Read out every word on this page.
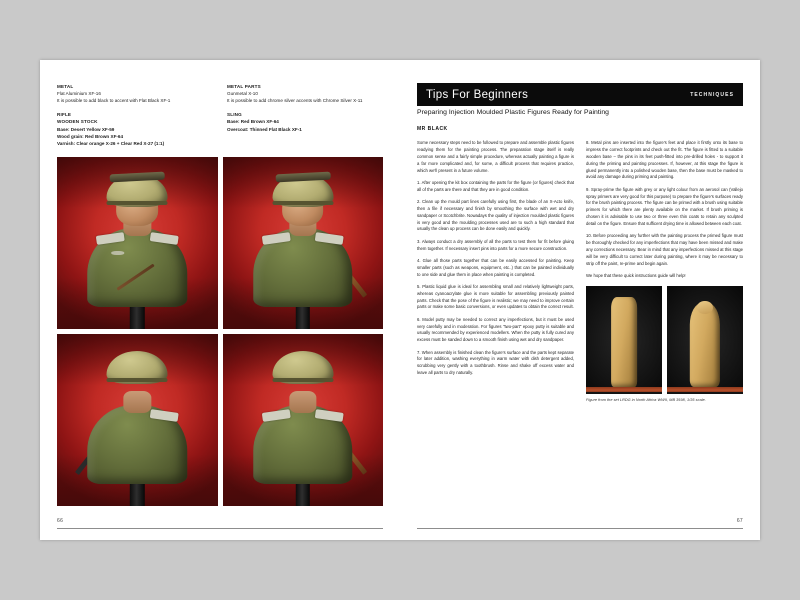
METAL
Flat Aluminium XF-16
It is possible to add black to accent with Flat Black XF-1
RIFLE
WOODEN STOCK
Base: Desert Yellow XF-59
Wood grain: Red Brown XF-64
Varnish: Clear orange X-26 + Clear Red X-27 (1:1)
METAL PARTS
Gunmetal X-10
It is possible to add chrome silver accents with Chrome Silver X-11
SLING
Base: Red Brown XF-64
Overcoat: Thinned Flat Black XF-1
66
Tips For Beginners	TECHNIQUES
Preparing Injection Moulded Plastic Figures Ready for Painting
MR BLACK

Some necessary steps need to be followed to prepare and assemble plastic figures readying them for the painting process. The preparation stage itself is really common sense and a fairly simple procedure, whereas actually painting a figure is a far more complicated and, for some, a difficult process that requires practice, which we'll present in a future volume.

1. After opening the kit box containing the parts for the figure (or figures) check that all of the parts are there and that they are in good condition.

2. Clean up the mould part lines carefully using first, the blade of an X-Acto knife, then a file if necessary and finish by smoothing the surface with wet and dry sandpaper or Scotchbrite. Nowadays the quality of injection moulded plastic figures is very good and the moulding processes used are to such a high standard that usually the clean up process can be done easily and quickly.

3. Always conduct a dry assembly of all the parts to test them for fit before gluing them together. If necessary insert pins into parts for a more secure construction.

4. Glue all those parts together that can be easily accessed for painting. Keep smaller parts (such as weapons, equipment, etc..) that can be painted individually to one side and glue them in place when painting is completed.

5. Plastic liquid glue is ideal for assembling small and relatively lightweight parts, whereas cyanoacrylate glue is more suitable for assembling previously painted parts. Check that the pose of the figure is realistic; we may need to improve certain parts or make some basic conversions, or even updates to obtain the correct result.

6. Model putty may be needed to correct any imperfections, but it must be used very carefully and in moderation. For figures "two-part" epoxy putty is suitable and usually recommended by experienced modellers. When the putty is fully cured any excess must be sanded down to a smooth finish using wet and dry sandpaper.

7. When assembly is finished clean the figure's surface and the parts kept separate for later addition, washing everything in warm water with dish detergent added, scrubbing very gently with a toothbrush. Rinse and shake off excess water and leave all parts to dry naturally.

8. Metal pins are inserted into the figure's feet and place it firstly onto its base to impress the correct footprints and check out the fit. The figure is fitted to a suitable wooden base – the pins in its feet push-fitted into pre-drilled holes - to support it during the priming and painting processes. If, however, at this stage the figure is glued permanently into a polished wooden base, then the base must be masked to avoid any damage during priming and painting.

9. Spray-prime the figure with grey or any light colour from an aerosol can (Vallejo spray primers are very good for this purpose) to prepare the figure's surfaces ready for the brush painting process. The figure can be primed with a brush using suitable primers for which there are plenty available on the market. If brush priming is chosen it is advisable to use two or three even thin coats to retain any sculpted detail on the figure. Ensure that sufficent drying time is allowed between each coat.

10. Before proceeding any further with the painting process the primed figure must be thoroughly checked for any imperfections that may have been missed and make any corrections necessary. Bear in mind that any imperfections missed at this stage will be very difficult to correct later during painting, where it may be necessary to strip off the paint, re-prime and begin again.

We hope that these quick instructions guide will help!

Figure from the set LRDG in North Africa WWII, MB 3598, 1/35 scale.
67
